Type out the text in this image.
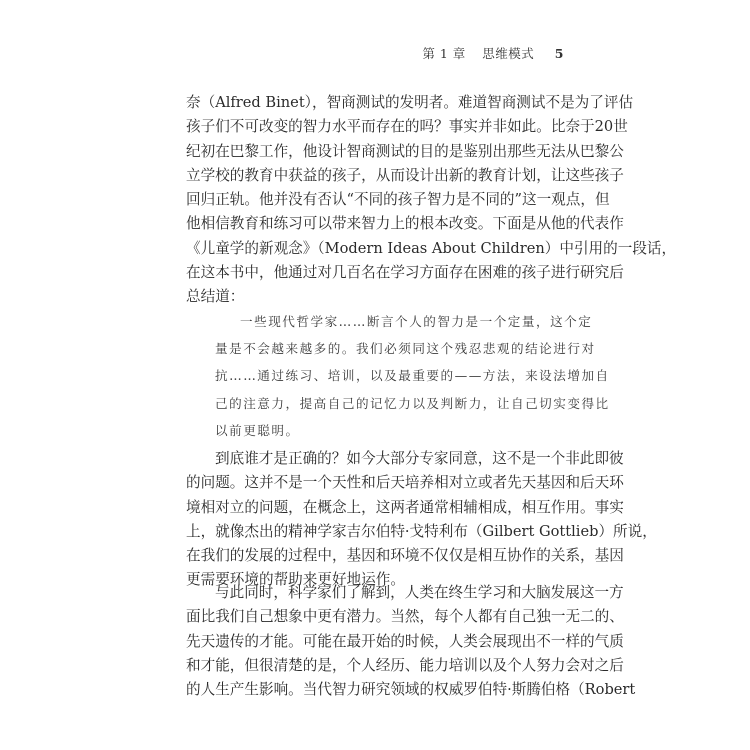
第 1 章 思维模式 5
奈（Alfred Binet），智商测试的发明者。难道智商测试不是为了评估
孩子们不可改变的智力水平而存在的吗？事实并非如此。比奈于20世
纪初在巴黎工作，他设计智商测试的目的是鉴别出那些无法从巴黎公
立学校的教育中获益的孩子，从而设计出新的教育计划，让这些孩子
回归正轨。他并没有否认“不同的孩子智力是不同的”这一观点，但
他相信教育和练习可以带来智力上的根本改变。下面是从他的代表作
《儿童学的新观念》（Modern Ideas About Children）中引用的一段话，
在这本书中，他通过对几百名在学习方面存在困难的孩子进行研究后
总结道：
一些现代哲学家……断言个人的智力是一个定量，这个定
量是不会越来越多的。我们必须同这个残忍悲观的结论进行对
抗……通过练习、培训，以及最重要的——方法，来设法增加自
己的注意力，提高自己的记忆力以及判断力，让自己切实变得比
以前更聪明。
到底谁才是正确的？如今大部分专家同意，这不是一个非此即彼
的问题。这并不是一个天性和后天培养相对立或者先天基因和后天环
境相对立的问题，在概念上，这两者通常相辅相成，相互作用。事实
上，就像杰出的精神学家吉尔伯特·戈特利布（Gilbert Gottlieb）所说，
在我们的发展的过程中，基因和环境不仅仅是相互协作的关系，基因
更需要环境的帮助来更好地运作。
与此同时，科学家们了解到，人类在终生学习和大脑发展这一方
面比我们自己想象中更有潜力。当然，每个人都有自己独一无二的、
先天遗传的才能。可能在最开始的时候，人类会展现出不一样的气质
和才能，但很清楚的是，个人经历、能力培训以及个人努力会对之后
的人生产生影响。当代智力研究领域的权威罗伯特·斯腾伯格（Robert
